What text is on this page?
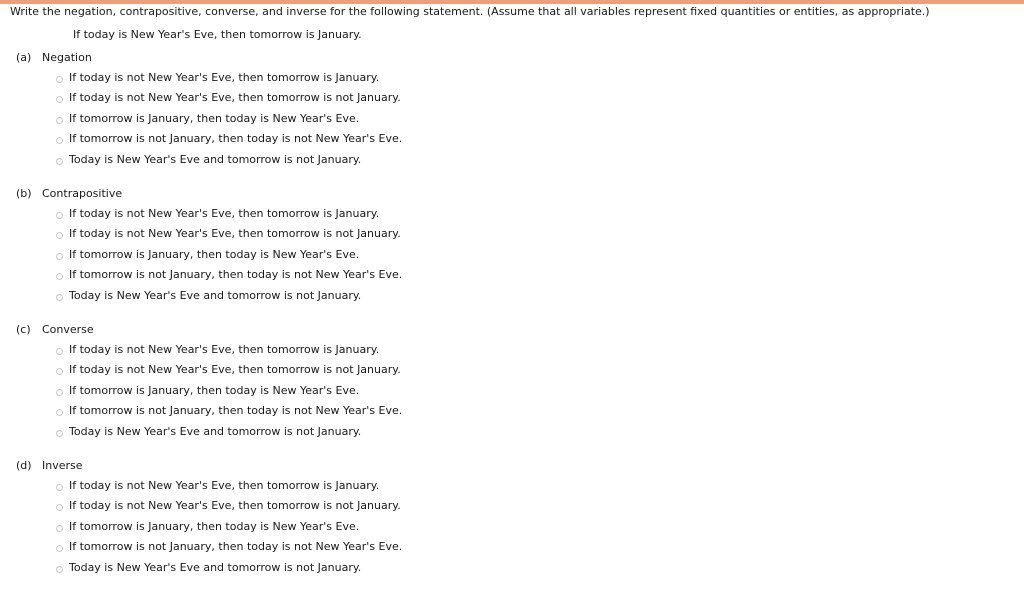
Write the negation, contrapositive, converse, and inverse for the following statement. (Assume that all variables represent fixed quantities or entities, as appropriate.)
If today is New Year's Eve, then tomorrow is January.
(a) Negation
If today is not New Year's Eve, then tomorrow is January.
If today is not New Year's Eve, then tomorrow is not January.
If tomorrow is January, then today is New Year's Eve.
If tomorrow is not January, then today is not New Year's Eve.
Today is New Year's Eve and tomorrow is not January.
(b) Contrapositive
If today is not New Year's Eve, then tomorrow is January.
If today is not New Year's Eve, then tomorrow is not January.
If tomorrow is January, then today is New Year's Eve.
If tomorrow is not January, then today is not New Year's Eve.
Today is New Year's Eve and tomorrow is not January.
(c) Converse
If today is not New Year's Eve, then tomorrow is January.
If today is not New Year's Eve, then tomorrow is not January.
If tomorrow is January, then today is New Year's Eve.
If tomorrow is not January, then today is not New Year's Eve.
Today is New Year's Eve and tomorrow is not January.
(d) Inverse
If today is not New Year's Eve, then tomorrow is January.
If today is not New Year's Eve, then tomorrow is not January.
If tomorrow is January, then today is New Year's Eve.
If tomorrow is not January, then today is not New Year's Eve.
Today is New Year's Eve and tomorrow is not January.
